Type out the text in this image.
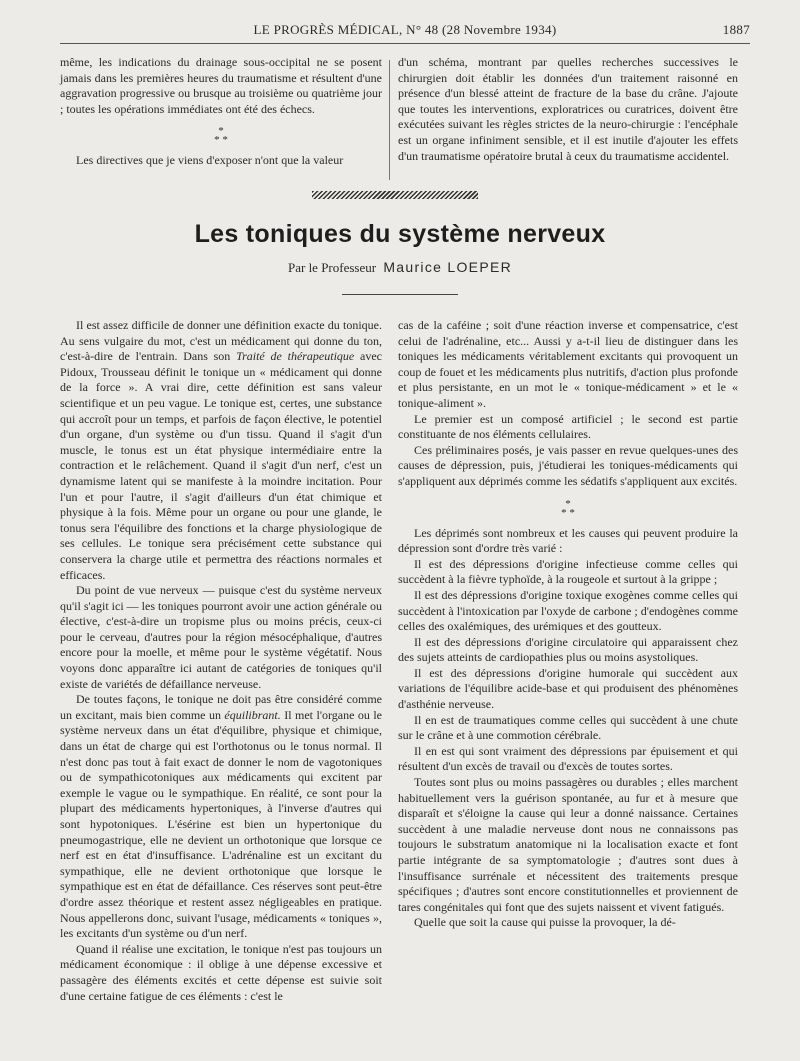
LE PROGRÈS MÉDICAL, N° 48 (28 Novembre 1934)	1887

même, les indications du drainage sous-occipital ne se posent jamais dans les premières heures du traumatisme et résultent d'une aggravation progressive ou brusque au troisième ou quatrième jour ; toutes les opérations immédiates ont été des échecs.

*
* *

Les directives que je viens d'exposer n'ont que la valeur

d'un schéma, montrant par quelles recherches successives le chirurgien doit établir les données d'un traitement raisonné en présence d'un blessé atteint de fracture de la base du crâne. J'ajoute que toutes les interventions, exploratrices ou curatrices, doivent être exécutées suivant les règles strictes de la neuro-chirurgie : l'encéphale est un organe infiniment sensible, et il est inutile d'ajouter les effets d'un traumatisme opératoire brutal à ceux du traumatisme accidentel.

Les toniques du système nerveux
Par le Professeur Maurice LOEPER

Il est assez difficile de donner une définition exacte du tonique. Au sens vulgaire du mot, c'est un médicament qui donne du ton, c'est-à-dire de l'entrain. Dans son Traité de thérapeutique avec Pidoux, Trousseau définit le tonique un « médicament qui donne de la force ». A vrai dire, cette définition est sans valeur scientifique et un peu vague. Le tonique est, certes, une substance qui accroît pour un temps, et parfois de façon élective, le potentiel d'un organe, d'un système ou d'un tissu. Quand il s'agit d'un muscle, le tonus est un état physique intermédiaire entre la contraction et le relâchement. Quand il s'agit d'un nerf, c'est un dynamisme latent qui se manifeste à la moindre incitation. Pour l'un et pour l'autre, il s'agit d'ailleurs d'un état chimique et physique à la fois. Même pour un organe ou pour une glande, le tonus sera l'équilibre des fonctions et la charge physiologique de ses cellules. Le tonique sera précisément cette substance qui conservera la charge utile et permettra des réactions normales et efficaces.

Du point de vue nerveux — puisque c'est du système nerveux qu'il s'agit ici — les toniques pourront avoir une action générale ou élective, c'est-à-dire un tropisme plus ou moins précis, ceux-ci pour le cerveau, d'autres pour la région mésocéphalique, d'autres encore pour la moelle, et même pour le système végétatif. Nous voyons donc apparaître ici autant de catégories de toniques qu'il existe de variétés de défaillance nerveuse.

De toutes façons, le tonique ne doit pas être considéré comme un excitant, mais bien comme un équilibrant. Il met l'organe ou le système nerveux dans un état d'équilibre, physique et chimique, dans un état de charge qui est l'orthotonus ou le tonus normal. Il n'est donc pas tout à fait exact de donner le nom de vagotoniques ou de sympathicotoniques aux médicaments qui excitent par exemple le vague ou le sympathique. En réalité, ce sont pour la plupart des médicaments hypertoniques, à l'inverse d'autres qui sont hypotoniques. L'ésérine est bien un hypertonique du pneumogastrique, elle ne devient un orthotonique que lorsque ce nerf est en état d'insuffisance. L'adrénaline est un excitant du sympathique, elle ne devient orthotonique que lorsque le sympathique est en état de défaillance. Ces réserves sont peut-être d'ordre assez théorique et restent assez négligeables en pratique. Nous appellerons donc, suivant l'usage, médicaments « toniques », les excitants d'un système ou d'un nerf.

Quand il réalise une excitation, le tonique n'est pas toujours un médicament économique : il oblige à une dépense excessive et passagère des éléments excités et cette dépense est suivie soit d'une certaine fatigue de ces éléments : c'est le

cas de la caféine ; soit d'une réaction inverse et compensatrice, c'est celui de l'adrénaline, etc... Aussi y a-t-il lieu de distinguer dans les toniques les médicaments véritablement excitants qui provoquent un coup de fouet et les médicaments plus nutritifs, d'action plus profonde et plus persistante, en un mot le « tonique-médicament » et le « tonique-aliment ».

Le premier est un composé artificiel ; le second est partie constituante de nos éléments cellulaires.

Ces préliminaires posés, je vais passer en revue quelques-unes des causes de dépression, puis, j'étudierai les toniques-médicaments qui s'appliquent aux déprimés comme les sédatifs s'appliquent aux excités.

*
* *

Les déprimés sont nombreux et les causes qui peuvent produire la dépression sont d'ordre très varié :

Il est des dépressions d'origine infectieuse comme celles qui succèdent à la fièvre typhoïde, à la rougeole et surtout à la grippe ;

Il est des dépressions d'origine toxique exogènes comme celles qui succèdent à l'intoxication par l'oxyde de carbone ; d'endogènes comme celles des oxalémiques, des urémiques et des goutteux.

Il est des dépressions d'origine circulatoire qui apparaissent chez des sujets atteints de cardiopathies plus ou moins asystoliques.

Il est des dépressions d'origine humorale qui succèdent aux variations de l'équilibre acide-base et qui produisent des phénomènes d'asthénie nerveuse.

Il en est de traumatiques comme celles qui succèdent à une chute sur le crâne et à une commotion cérébrale.

Il en est qui sont vraiment des dépressions par épuisement et qui résultent d'un excès de travail ou d'excès de toutes sortes.

Toutes sont plus ou moins passagères ou durables ; elles marchent habituellement vers la guérison spontanée, au fur et à mesure que disparaît et s'éloigne la cause qui leur a donné naissance. Certaines succèdent à une maladie nerveuse dont nous ne connaissons pas toujours le substratum anatomique ni la localisation exacte et font partie intégrante de sa symptomatologie ; d'autres sont dues à l'insuffisance surrénale et nécessitent des traitements presque spécifiques ; d'autres sont encore constitutionnelles et proviennent de tares congénitales qui font que des sujets naissent et vivent fatigués.

Quelle que soit la cause qui puisse la provoquer, la dé-
